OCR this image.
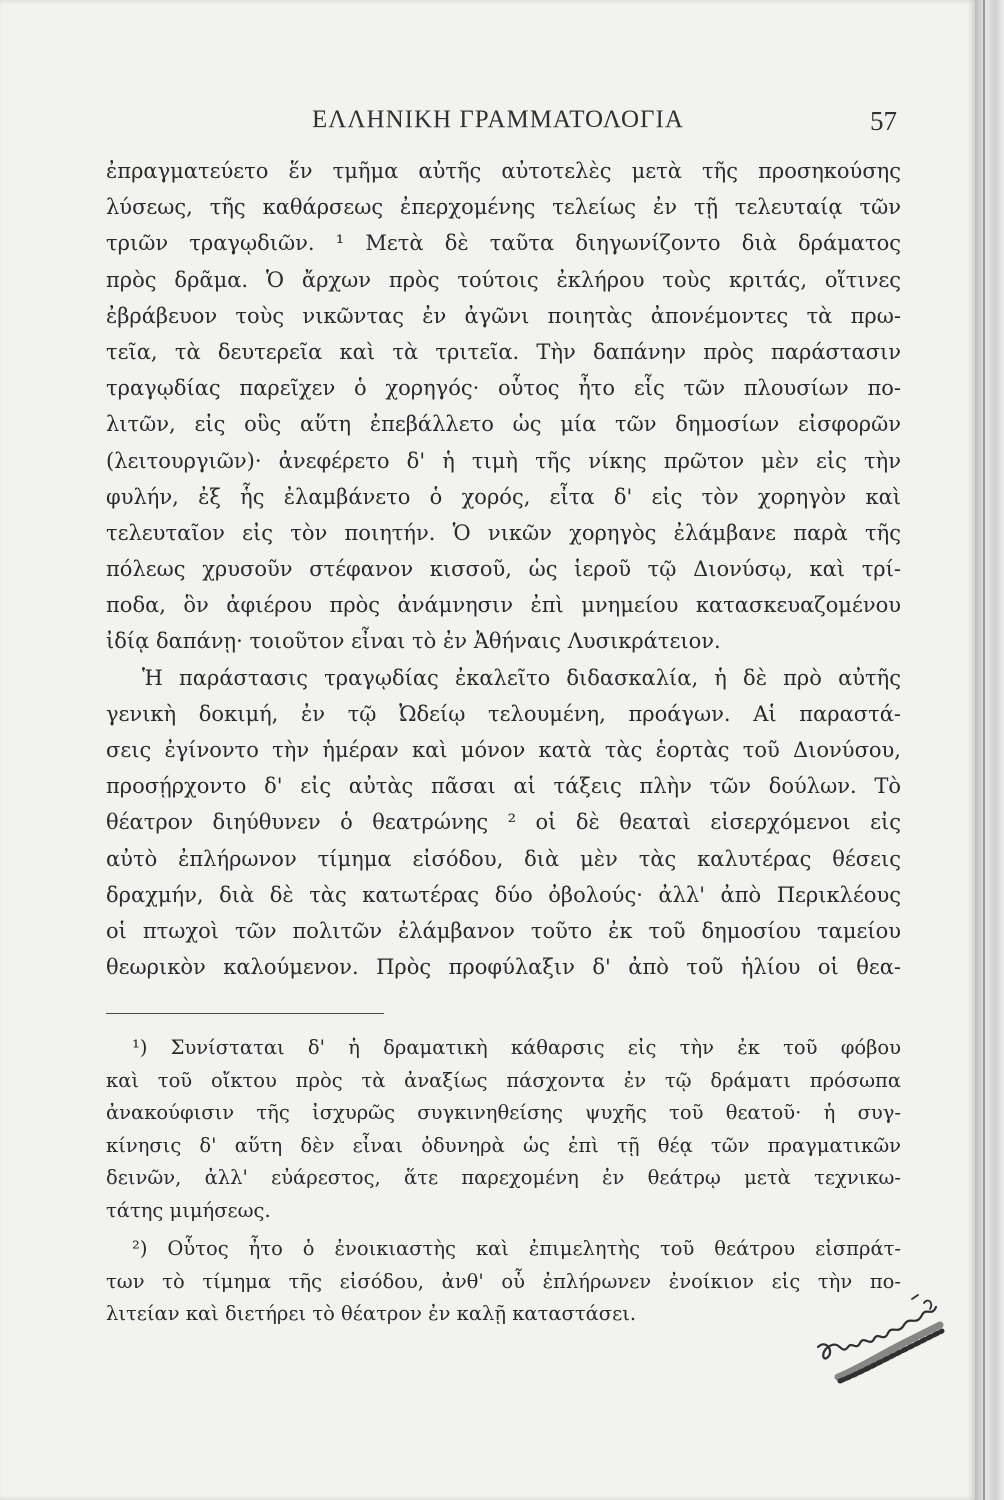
ΕΛΛΗΝΙΚΗ ΓΡΑΜΜΑΤΟΛΟΓΙΑ	57
ἐπραγματεύετο ἕν τμῆμα αὐτῆς αὐτοτελὲς μετὰ τῆς προσηκούσης
λύσεως, τῆς καθάρσεως ἐπερχομένης τελείως ἐν τῇ τελευταίᾳ τῶν
τριῶν τραγῳδιῶν. ¹ Μετὰ δὲ ταῦτα διηγωνίζοντο διὰ δράματος
πρὸς δρᾶμα. Ὁ ἄρχων πρὸς τούτοις ἐκλήρου τοὺς κριτάς, οἵτινες
ἐβράβευον τοὺς νικῶντας ἐν ἀγῶνι ποιητὰς ἀπονέμοντες τὰ πρω-
τεῖα, τὰ δευτερεῖα καὶ τὰ τριτεῖα. Τὴν δαπάνην πρὸς παράστασιν
τραγῳδίας παρεῖχεν ὁ χορηγός· οὗτος ἦτο εἷς τῶν πλουσίων πο-
λιτῶν, εἰς οὓς αὕτη ἐπεβάλλετο ὡς μία τῶν δημοσίων εἰσφορῶν
(λειτουργιῶν)· ἀνεφέρετο δ' ἡ τιμὴ τῆς νίκης πρῶτον μὲν εἰς τὴν
φυλήν, ἐξ ἧς ἐλαμβάνετο ὁ χορός, εἶτα δ' εἰς τὸν χορηγὸν καὶ
τελευταῖον εἰς τὸν ποιητήν. Ὁ νικῶν χορηγὸς ἐλάμβανε παρὰ τῆς
πόλεως χρυσοῦν στέφανον κισσοῦ, ὡς ἱεροῦ τῷ Διονύσῳ, καὶ τρί-
ποδα, ὃν ἀφιέρου πρὸς ἀνάμνησιν ἐπὶ μνημείου κατασκευαζομένου
ἰδίᾳ δαπάνῃ· τοιοῦτον εἶναι τὸ ἐν Ἀθήναις Λυσικράτειον.
Ἡ παράστασις τραγῳδίας ἐκαλεῖτο διδασκαλία, ἡ δὲ πρὸ αὐτῆς
γενικὴ δοκιμή, ἐν τῷ Ὠδείῳ τελουμένη, προάγων. Αἱ παραστά-
σεις ἐγίνοντο τὴν ἡμέραν καὶ μόνον κατὰ τὰς ἑορτὰς τοῦ Διονύσου,
προσῄρχοντο δ' εἰς αὐτὰς πᾶσαι αἱ τάξεις πλὴν τῶν δούλων. Τὸ
θέατρον διηύθυνεν ὁ θεατρώνης ² οἱ δὲ θεαταὶ εἰσερχόμενοι εἰς
αὐτὸ ἐπλήρωνον τίμημα εἰσόδου, διὰ μὲν τὰς καλυτέρας θέσεις
δραχμήν, διὰ δὲ τὰς κατωτέρας δύο ὀβολούς· ἀλλ' ἀπὸ Περικλέους
οἱ πτωχοὶ τῶν πολιτῶν ἐλάμβανον τοῦτο ἐκ τοῦ δημοσίου ταμείου
θεωρικὸν καλούμενον. Πρὸς προφύλαξιν δ' ἀπὸ τοῦ ἡλίου οἱ θεα-
¹) Συνίσταται δ' ἡ δραματικὴ κάθαρσις εἰς τὴν ἐκ τοῦ φόβου
καὶ τοῦ οἴκτου πρὸς τὰ ἀναξίως πάσχοντα ἐν τῷ δράματι πρόσωπα
ἀνακούφισιν τῆς ἰσχυρῶς συγκινηθείσης ψυχῆς τοῦ θεατοῦ· ἡ συγ-
κίνησις δ' αὕτη δὲν εἶναι ὀδυνηρὰ ὡς ἐπὶ τῇ θέᾳ τῶν πραγματικῶν
δεινῶν, ἀλλ' εὐάρεστος, ἅτε παρεχομένη ἐν θεάτρῳ μετὰ τεχνικω-
τάτης μιμήσεως.
²) Οὗτος ἦτο ὁ ἐνοικιαστὴς καὶ ἐπιμελητὴς τοῦ θεάτρου εἰσπράτ-
των τὸ τίμημα τῆς εἰσόδου, ἀνθ' οὗ ἐπλήρωνεν ἐνοίκιον εἰς τὴν πο-
λιτείαν καὶ διετήρει τὸ θέατρον ἐν καλῇ καταστάσει.
